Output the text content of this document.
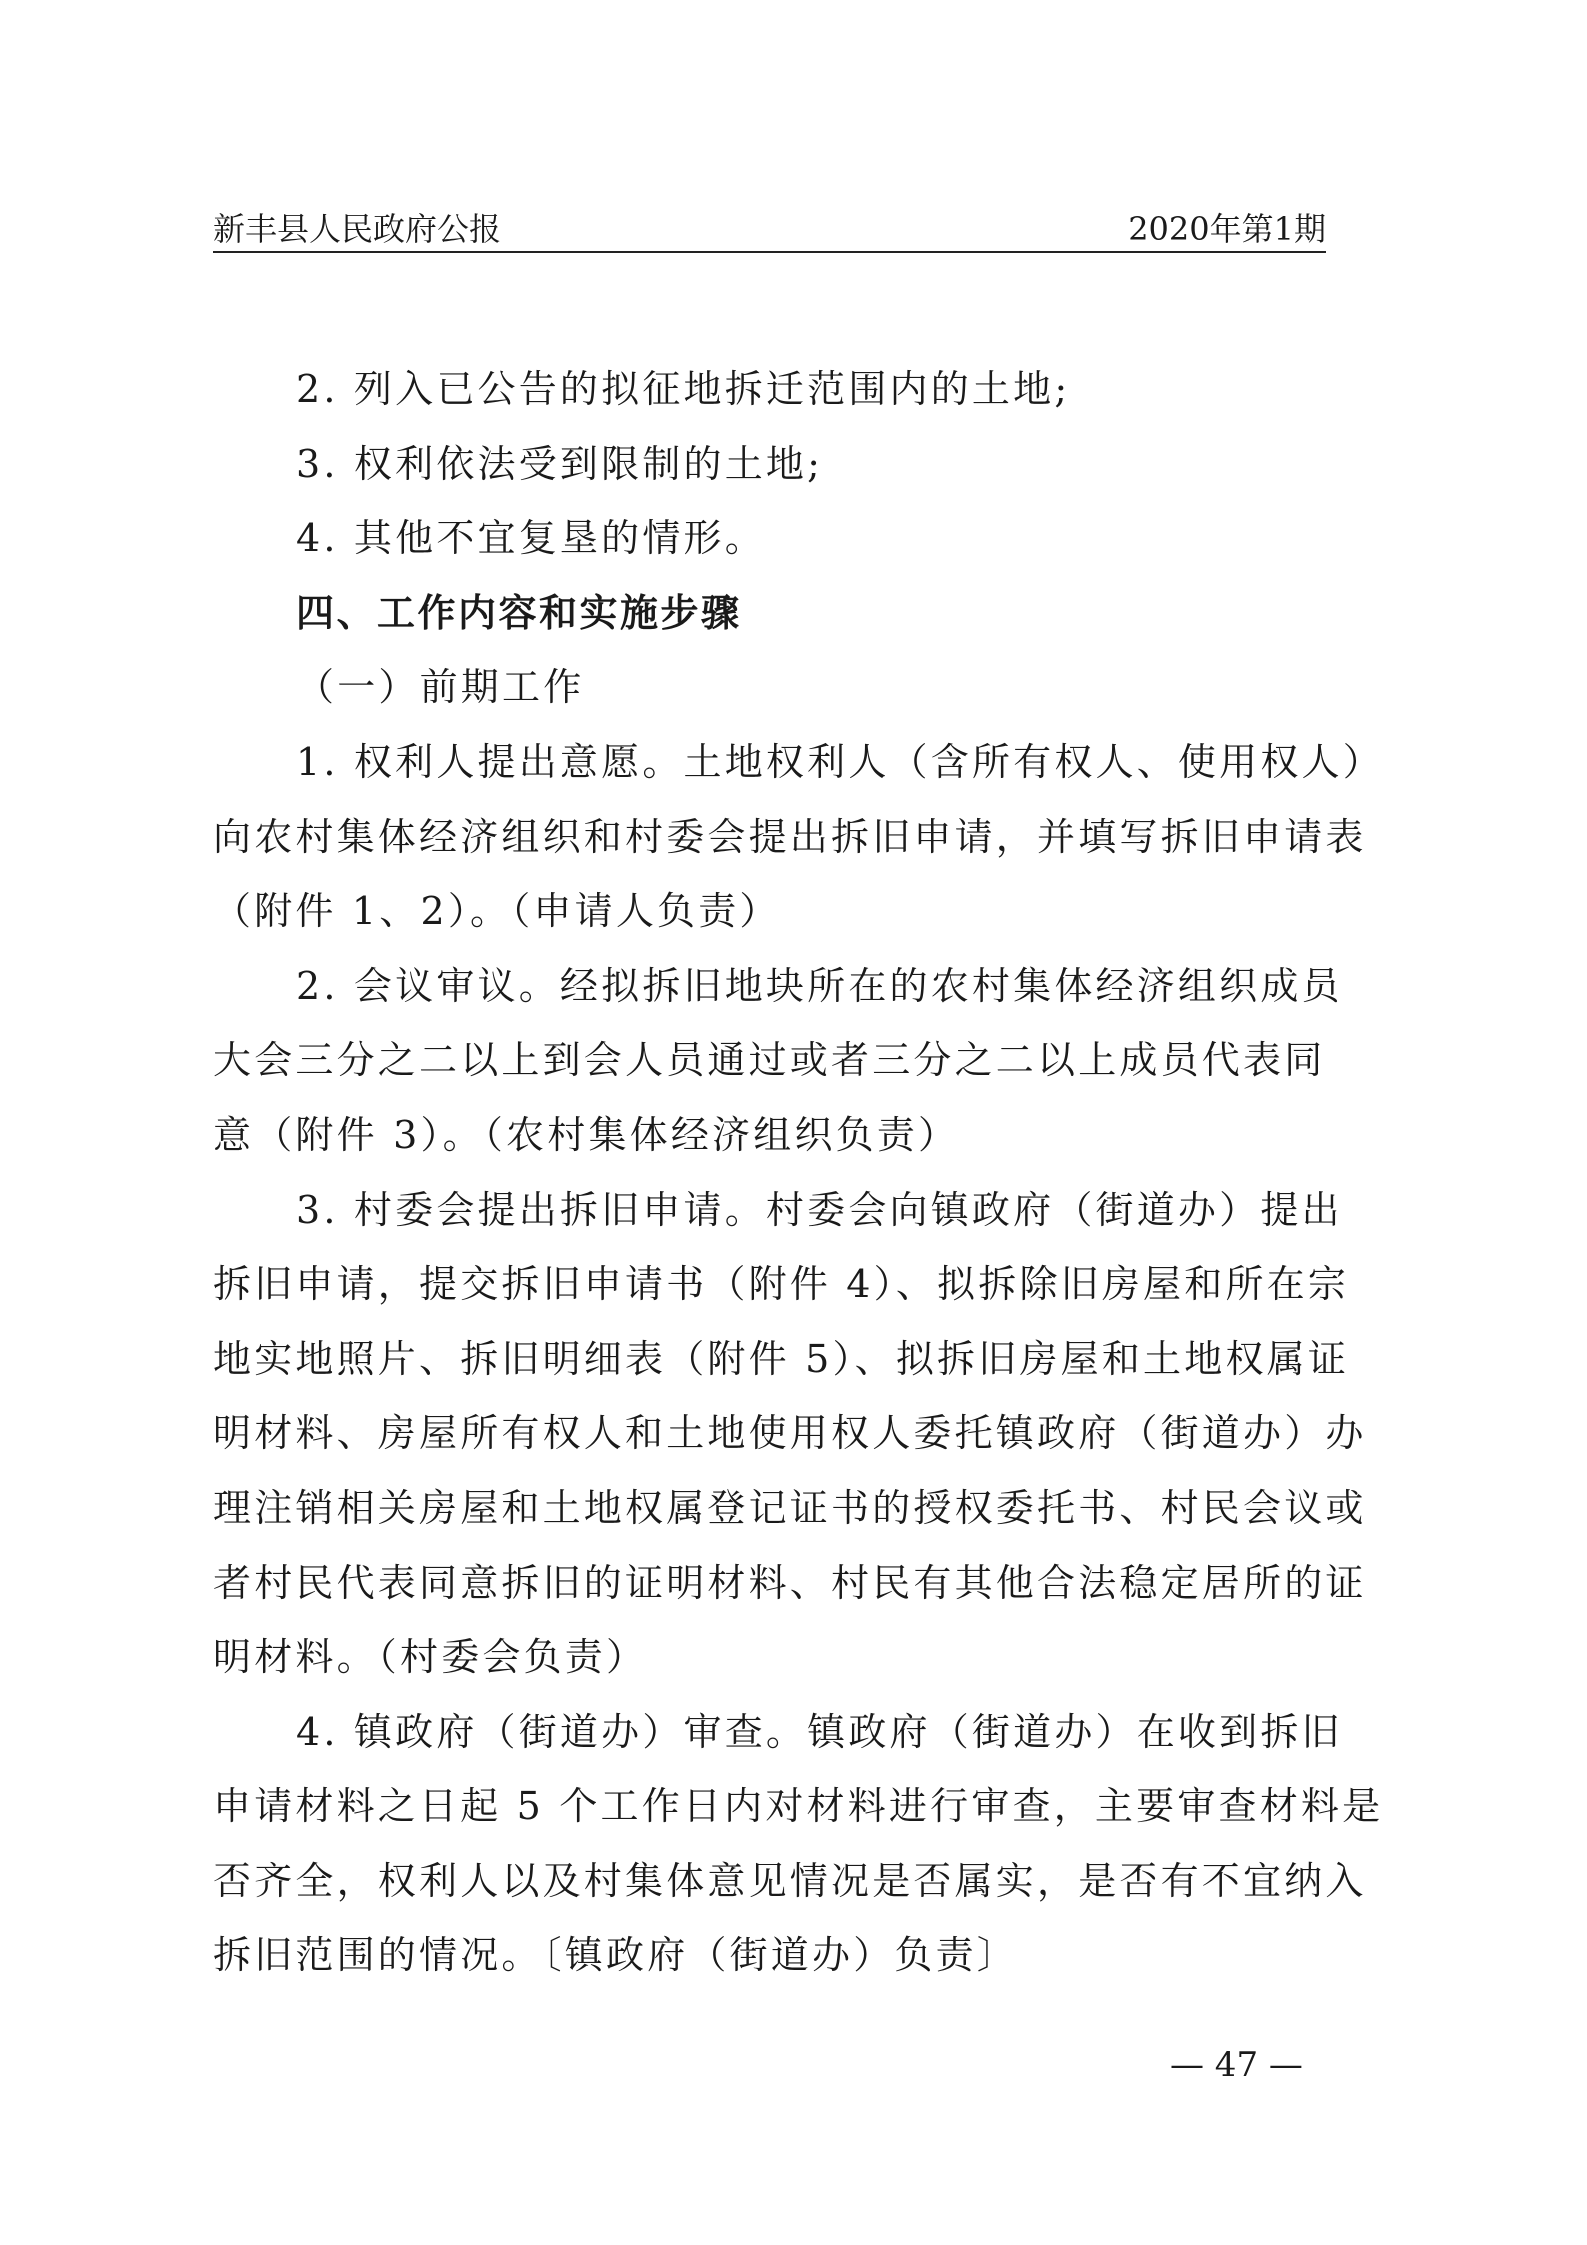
新丰县人民政府公报	2020年第1期
2. 列入已公告的拟征地拆迁范围内的土地;
3. 权利依法受到限制的土地;
4. 其他不宜复垦的情形。
四、工作内容和实施步骤
（一）前期工作
1. 权利人提出意愿。土地权利人（含所有权人、使用权人）
向农村集体经济组织和村委会提出拆旧申请，并填写拆旧申请表
（附件 1、2）。（申请人负责）
2. 会议审议。经拟拆旧地块所在的农村集体经济组织成员
大会三分之二以上到会人员通过或者三分之二以上成员代表同
意（附件 3）。（农村集体经济组织负责）
3. 村委会提出拆旧申请。村委会向镇政府（街道办）提出
拆旧申请，提交拆旧申请书（附件 4）、拟拆除旧房屋和所在宗
地实地照片、拆旧明细表（附件 5）、拟拆旧房屋和土地权属证
明材料、房屋所有权人和土地使用权人委托镇政府（街道办）办
理注销相关房屋和土地权属登记证书的授权委托书、村民会议或
者村民代表同意拆旧的证明材料、村民有其他合法稳定居所的证
明材料。（村委会负责）
4. 镇政府（街道办）审查。镇政府（街道办）在收到拆旧
申请材料之日起 5 个工作日内对材料进行审查，主要审查材料是
否齐全，权利人以及村集体意见情况是否属实，是否有不宜纳入
拆旧范围的情况。〔镇政府（街道办）负责〕
— 47 —
